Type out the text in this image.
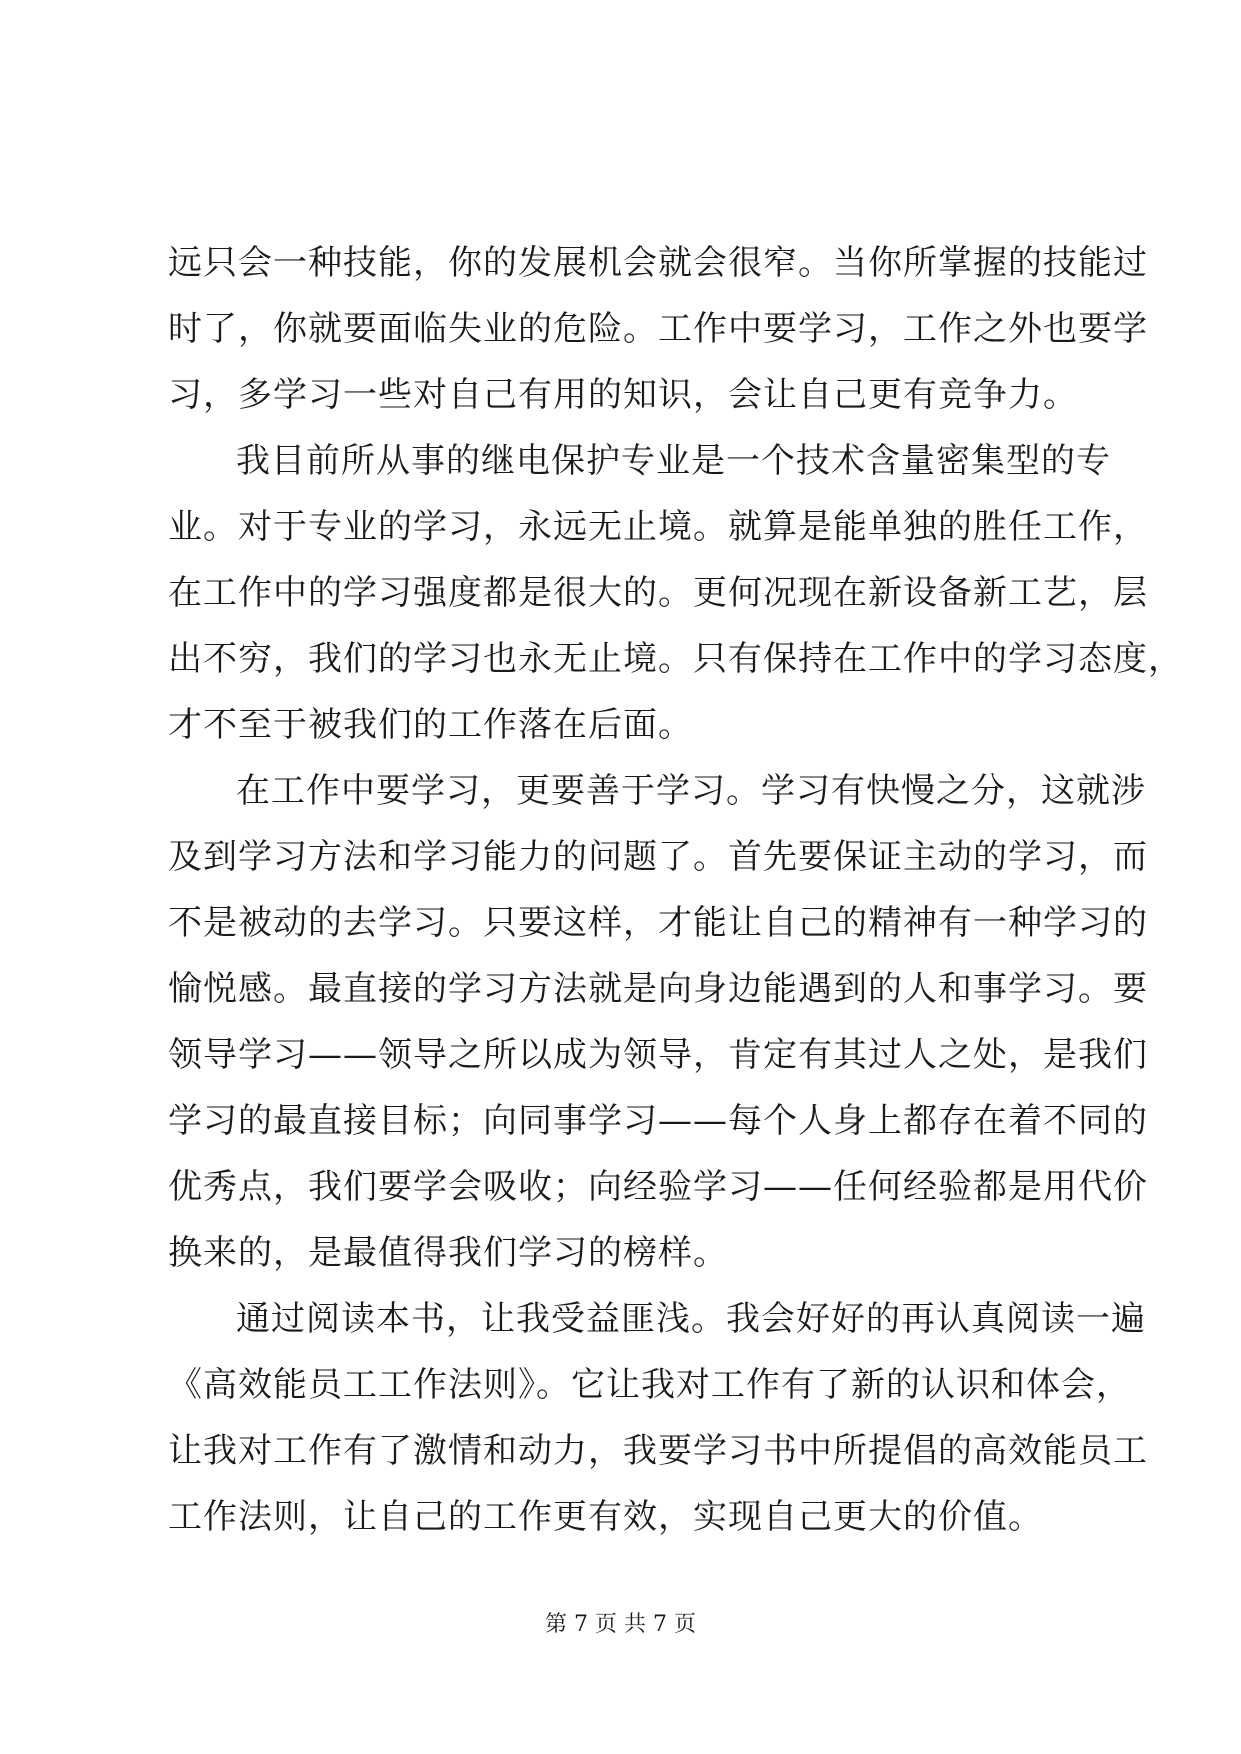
远只会一种技能，你的发展机会就会很窄。当你所掌握的技能过
时了，你就要面临失业的危险。工作中要学习，工作之外也要学
习，多学习一些对自己有用的知识，会让自己更有竞争力。
我目前所从事的继电保护专业是一个技术含量密集型的专
业。对于专业的学习，永远无止境。就算是能单独的胜任工作，
在工作中的学习强度都是很大的。更何况现在新设备新工艺，层
出不穷，我们的学习也永无止境。只有保持在工作中的学习态度，
才不至于被我们的工作落在后面。
在工作中要学习，更要善于学习。学习有快慢之分，这就涉
及到学习方法和学习能力的问题了。首先要保证主动的学习，而
不是被动的去学习。只要这样，才能让自己的精神有一种学习的
愉悦感。最直接的学习方法就是向身边能遇到的人和事学习。要
领导学习——领导之所以成为领导，肯定有其过人之处，是我们
学习的最直接目标；向同事学习——每个人身上都存在着不同的
优秀点，我们要学会吸收；向经验学习——任何经验都是用代价
换来的，是最值得我们学习的榜样。
通过阅读本书，让我受益匪浅。我会好好的再认真阅读一遍
《高效能员工工作法则》。它让我对工作有了新的认识和体会，
让我对工作有了激情和动力，我要学习书中所提倡的高效能员工
工作法则，让自己的工作更有效，实现自己更大的价值。
第 7 页 共 7 页
